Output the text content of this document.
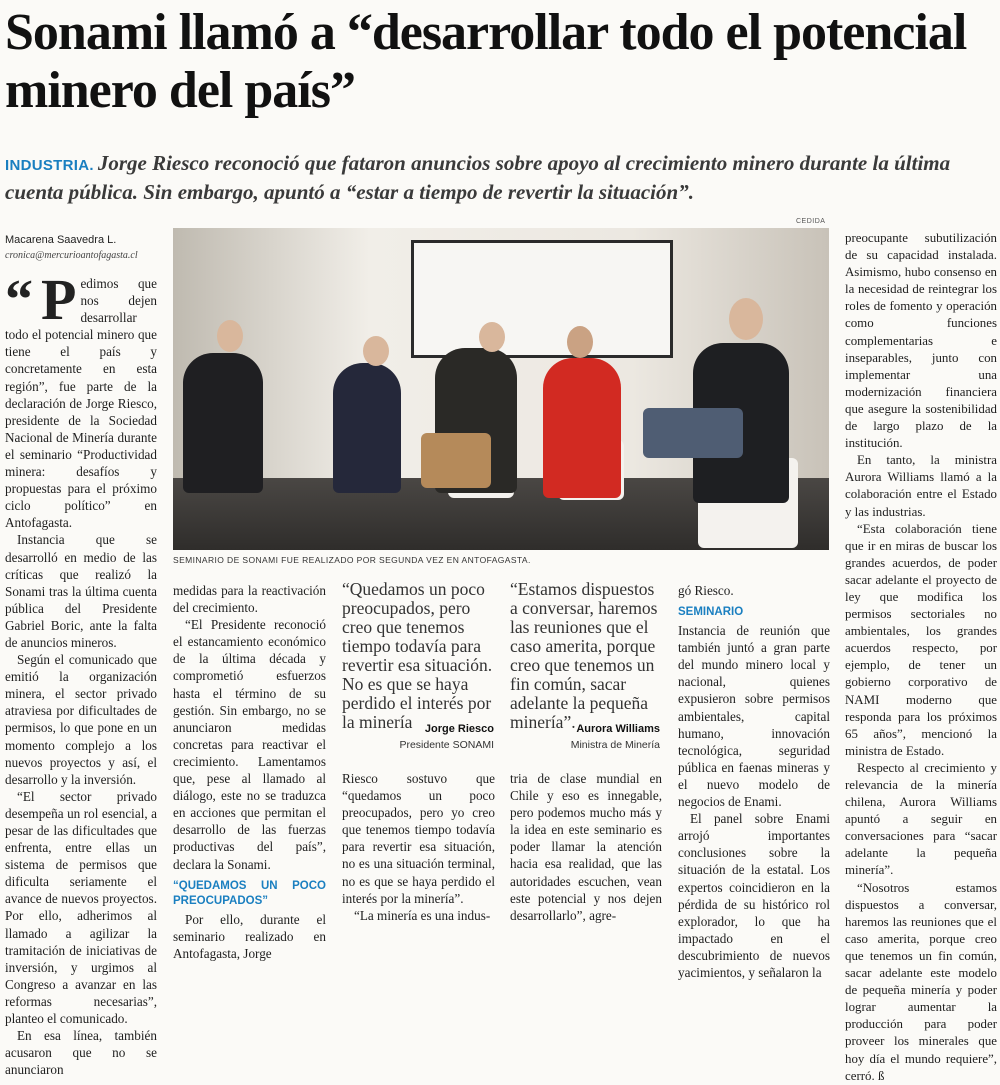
Sonami llamó a “desarrollar todo el potencial minero del país”
INDUSTRIA. Jorge Riesco reconoció que fataron anuncios sobre apoyo al crecimiento minero durante la última cuenta pública. Sin embargo, apuntó a “estar a tiempo de revertir la situación”.
CEDIDA
Macarena Saavedra L.
cronica@mercurioantofagasta.cl
SEMINARIO DE SONAMI FUE REALIZADO POR SEGUNDA VEZ EN ANTOFAGASTA.
“ P edimos que nos dejen desarrollar todo el potencial minero que tiene el país y concretamente en esta región”, fue parte de la declaración de Jorge Riesco, presidente de la Sociedad Nacional de Minería durante el seminario “Productividad minera: desafíos y propuestas para el próximo ciclo político” en Antofagasta.

Instancia que se desarrolló en medio de las críticas que realizó la Sonami tras la última cuenta pública del Presidente Gabriel Boric, ante la falta de anuncios mineros.

Según el comunicado que emitió la organización minera, el sector privado atraviesa por dificultades de permisos, lo que pone en un momento complejo a los nuevos proyectos y así, el desarrollo y la inversión.

“El sector privado desempeña un rol esencial, a pesar de las dificultades que enfrenta, entre ellas un sistema de permisos que dificulta seriamente el avance de nuevos proyectos. Por ello, adherimos al llamado a agilizar la tramitación de iniciativas de inversión, y urgimos al Congreso a avanzar en las reformas necesarias”, planteo el comunicado.

En esa línea, también acusaron que no se anunciaron

medidas para la reactivación del crecimiento.

“El Presidente reconoció el estancamiento económico de la última década y comprometió esfuerzos hasta el término de su gestión. Sin embargo, no se anunciaron medidas concretas para reactivar el crecimiento. Lamentamos que, pese al llamado al diálogo, este no se traduzca en acciones que permitan el desarrollo de las fuerzas productivas del país”, declara la Sonami.

“QUEDAMOS UN POCO PREOCUPADOS”

Por ello, durante el seminario realizado en Antofagasta, Jorge

“Quedamos un poco preocupados, pero creo que tenemos tiempo todavía para revertir esa situación. No es que se haya perdido el interés por la minería	Jorge Riesco
Presidente SONAMI
“Estamos dispuestos a conversar, haremos las reuniones que el caso amerita, porque creo que tenemos un fin común, sacar adelante la pequeña minería”. Aurora Williams
Ministra de Minería

Riesco sostuvo que “quedamos un poco preocupados, pero yo creo que tenemos tiempo todavía para revertir esa situación, no es una situación terminal, no es que se haya perdido el interés por la minería”.

“La minería es una indus-

tria de clase mundial en Chile y eso es innegable, pero podemos mucho más y la idea en este seminario es poder llamar la atención hacia esa realidad, que las autoridades escuchen, vean este potencial y nos dejen desarrollarlo”, agre-

gó Riesco.

SEMINARIO

Instancia de reunión que también juntó a gran parte del mundo minero local y nacional, quienes expusieron sobre permisos ambientales, capital humano, innovación tecnológica, seguridad pública en faenas mineras y el nuevo modelo de negocios de Enami.

El panel sobre Enami arrojó importantes conclusiones sobre la situación de la estatal. Los expertos coincidieron en la pérdida de su histórico rol explorador, lo que ha impactado en el descubrimiento de nuevos yacimientos, y señalaron la

preocupante subutilización de su capacidad instalada. Asimismo, hubo consenso en la necesidad de reintegrar los roles de fomento y operación como funciones complementarias e inseparables, junto con implementar una modernización financiera que asegure la sostenibilidad de largo plazo de la institución.

En tanto, la ministra Aurora Williams llamó a la colaboración entre el Estado y las industrias.

“Esta colaboración tiene que ir en miras de buscar los grandes acuerdos, de poder sacar adelante el proyecto de ley que modifica los permisos sectoriales no ambientales, los grandes acuerdos respecto, por ejemplo, de tener un gobierno corporativo de NAMI moderno que responda para los próximos 65 años”, mencionó la ministra de Estado.

Respecto al crecimiento y relevancia de la minería chilena, Aurora Williams apuntó a seguir en conversaciones para “sacar adelante la pequeña minería”.

“Nosotros estamos dispuestos a conversar, haremos las reuniones que el caso amerita, porque creo que tenemos un fin común, sacar adelante este modelo de pequeña minería y poder lograr aumentar la producción para poder proveer los minerales que hoy día el mundo requiere”, cerró. ß
